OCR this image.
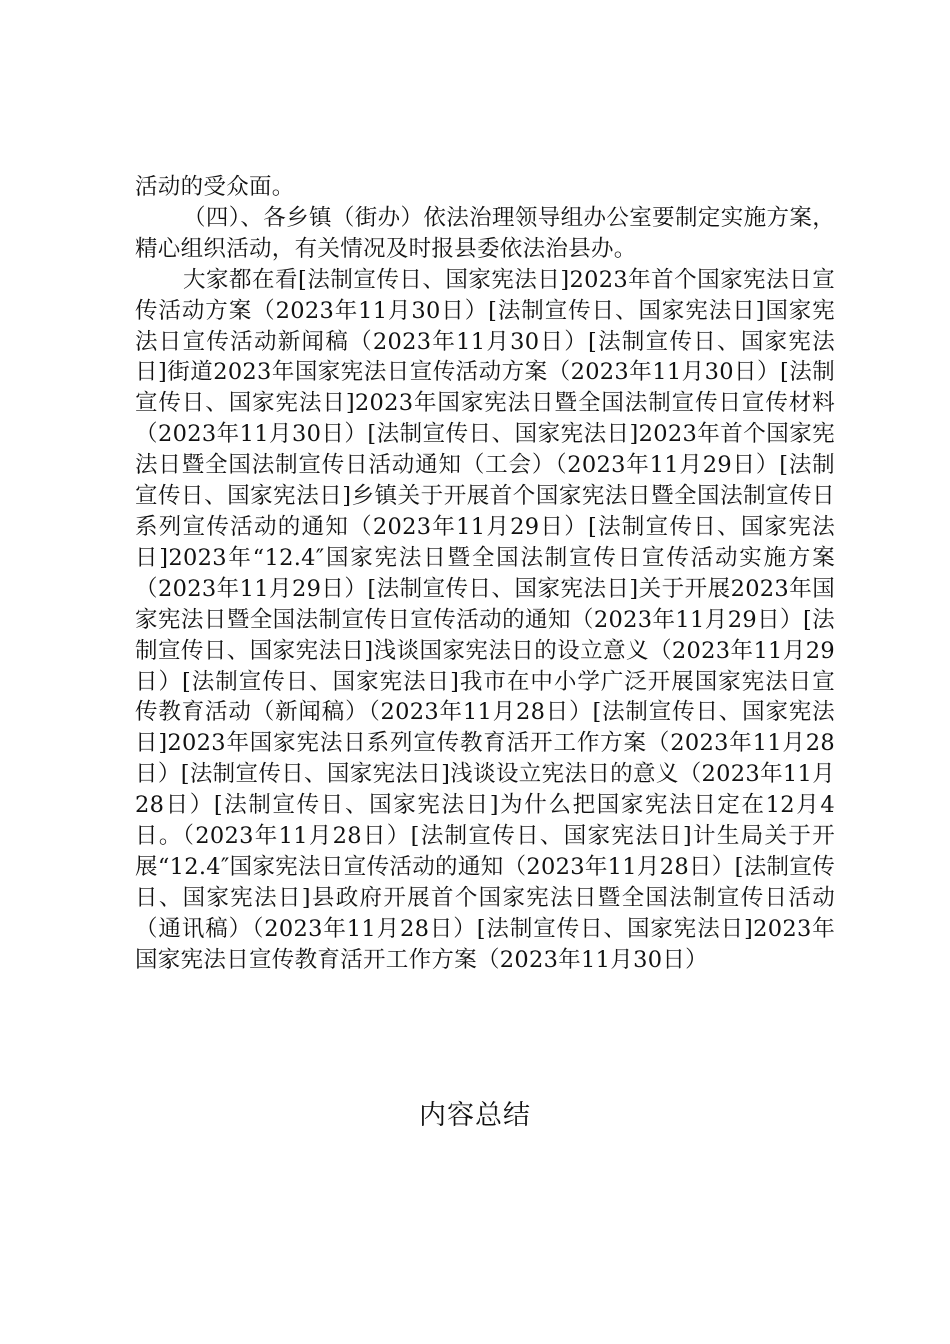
活动的受众面。

（四）、各乡镇（街办）依法治理领导组办公室要制定实施方案，精心组织活动，有关情况及时报县委依法治县办。

大家都在看[法制宣传日、国家宪法日]2023年首个国家宪法日宣传活动方案（2023年11月30日）[法制宣传日、国家宪法日]国家宪法日宣传活动新闻稿（2023年11月30日）[法制宣传日、国家宪法日]街道2023年国家宪法日宣传活动方案（2023年11月30日）[法制宣传日、国家宪法日]2023年国家宪法日暨全国法制宣传日宣传材料（2023年11月30日）[法制宣传日、国家宪法日]2023年首个国家宪法日暨全国法制宣传日活动通知（工会）（2023年11月29日）[法制宣传日、国家宪法日]乡镇关于开展首个国家宪法日暨全国法制宣传日系列宣传活动的通知（2023年11月29日）[法制宣传日、国家宪法日]2023年“12.4″国家宪法日暨全国法制宣传日宣传活动实施方案（2023年11月29日）[法制宣传日、国家宪法日]关于开展2023年国家宪法日暨全国法制宣传日宣传活动的通知（2023年11月29日）[法制宣传日、国家宪法日]浅谈国家宪法日的设立意义（2023年11月29日）[法制宣传日、国家宪法日]我市在中小学广泛开展国家宪法日宣传教育活动（新闻稿）（2023年11月28日）[法制宣传日、国家宪法日]2023年国家宪法日系列宣传教育活开工作方案（2023年11月28日）[法制宣传日、国家宪法日]浅谈设立宪法日的意义（2023年11月28日）[法制宣传日、国家宪法日]为什么把国家宪法日定在12月4日。（2023年11月28日）[法制宣传日、国家宪法日]计生局关于开展“12.4″国家宪法日宣传活动的通知（2023年11月28日）[法制宣传日、国家宪法日]县政府开展首个国家宪法日暨全国法制宣传日活动（通讯稿）（2023年11月28日）[法制宣传日、国家宪法日]2023年国家宪法日宣传教育活开工作方案（2023年11月30日）

内容总结
